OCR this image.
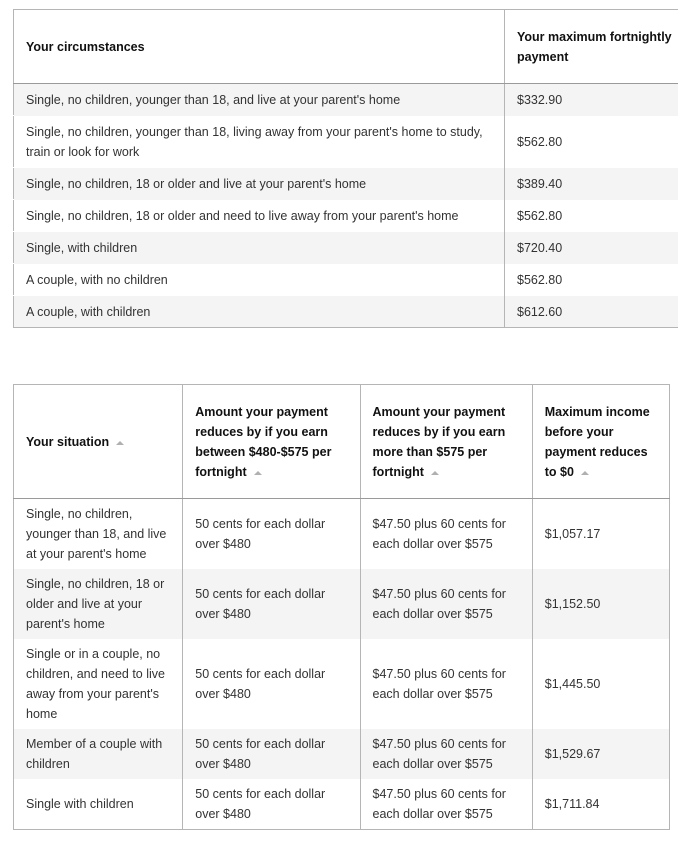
Your circumstances	Your maximum fortnightly payment
Single, no children, younger than 18, and live at your parent's home	$332.90
Single, no children, younger than 18, living away from your parent's home to study, train or look for work	$562.80
Single, no children, 18 or older and live at your parent's home	$389.40
Single, no children, 18 or older and need to live away from your parent's home	$562.80
Single, with children	$720.40
A couple, with no children	$562.80
A couple, with children	$612.60
Your situation	Amount your payment reduces by if you earn between $480-$575 per fortnight	Amount your payment reduces by if you earn more than $575 per fortnight	Maximum income before your payment reduces to $0
Single, no children, younger than 18, and live at your parent's home	50 cents for each dollar over $480	$47.50 plus 60 cents for each dollar over $575	$1,057.17
Single, no children, 18 or older and live at your parent's home	50 cents for each dollar over $480	$47.50 plus 60 cents for each dollar over $575	$1,152.50
Single or in a couple, no children, and need to live away from your parent's home	50 cents for each dollar over $480	$47.50 plus 60 cents for each dollar over $575	$1,445.50
Member of a couple with children	50 cents for each dollar over $480	$47.50 plus 60 cents for each dollar over $575	$1,529.67
Single with children	50 cents for each dollar over $480	$47.50 plus 60 cents for each dollar over $575	$1,711.84
